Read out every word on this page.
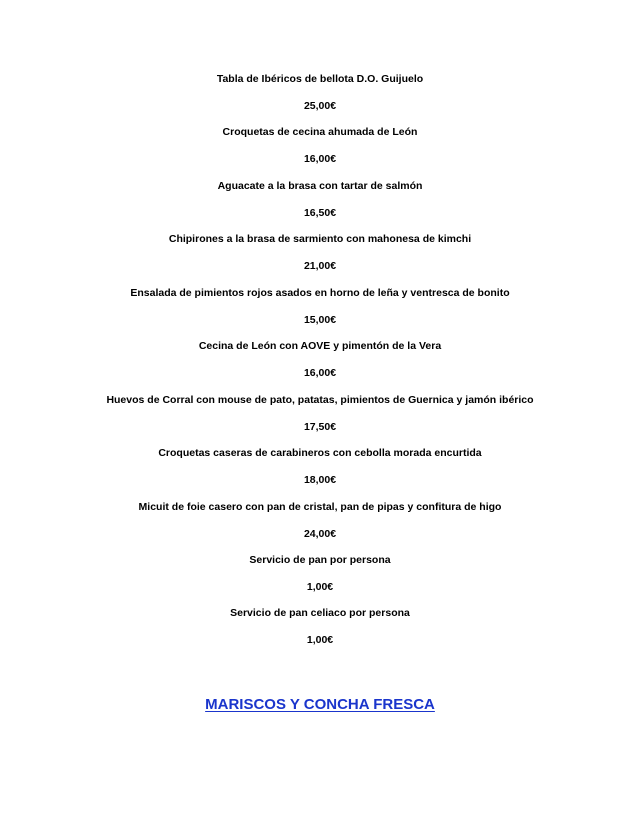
Tabla de Ibéricos de bellota D.O. Guijuelo
25,00€
Croquetas de cecina ahumada de León
16,00€
Aguacate a la brasa con tartar de salmón
16,50€
Chipirones a la brasa de sarmiento con mahonesa de kimchi
21,00€
Ensalada de pimientos rojos asados en horno de leña y ventresca de bonito
15,00€
Cecina de León con AOVE y pimentón de la Vera
16,00€
Huevos de Corral con mouse de pato, patatas, pimientos de Guernica y jamón ibérico
17,50€
Croquetas caseras de carabineros con cebolla morada encurtida
18,00€
Micuit de foie casero con pan de cristal, pan de pipas y confitura de higo
24,00€
Servicio de pan por persona
1,00€
Servicio de pan celiaco por persona
1,00€
MARISCOS Y CONCHA FRESCA
